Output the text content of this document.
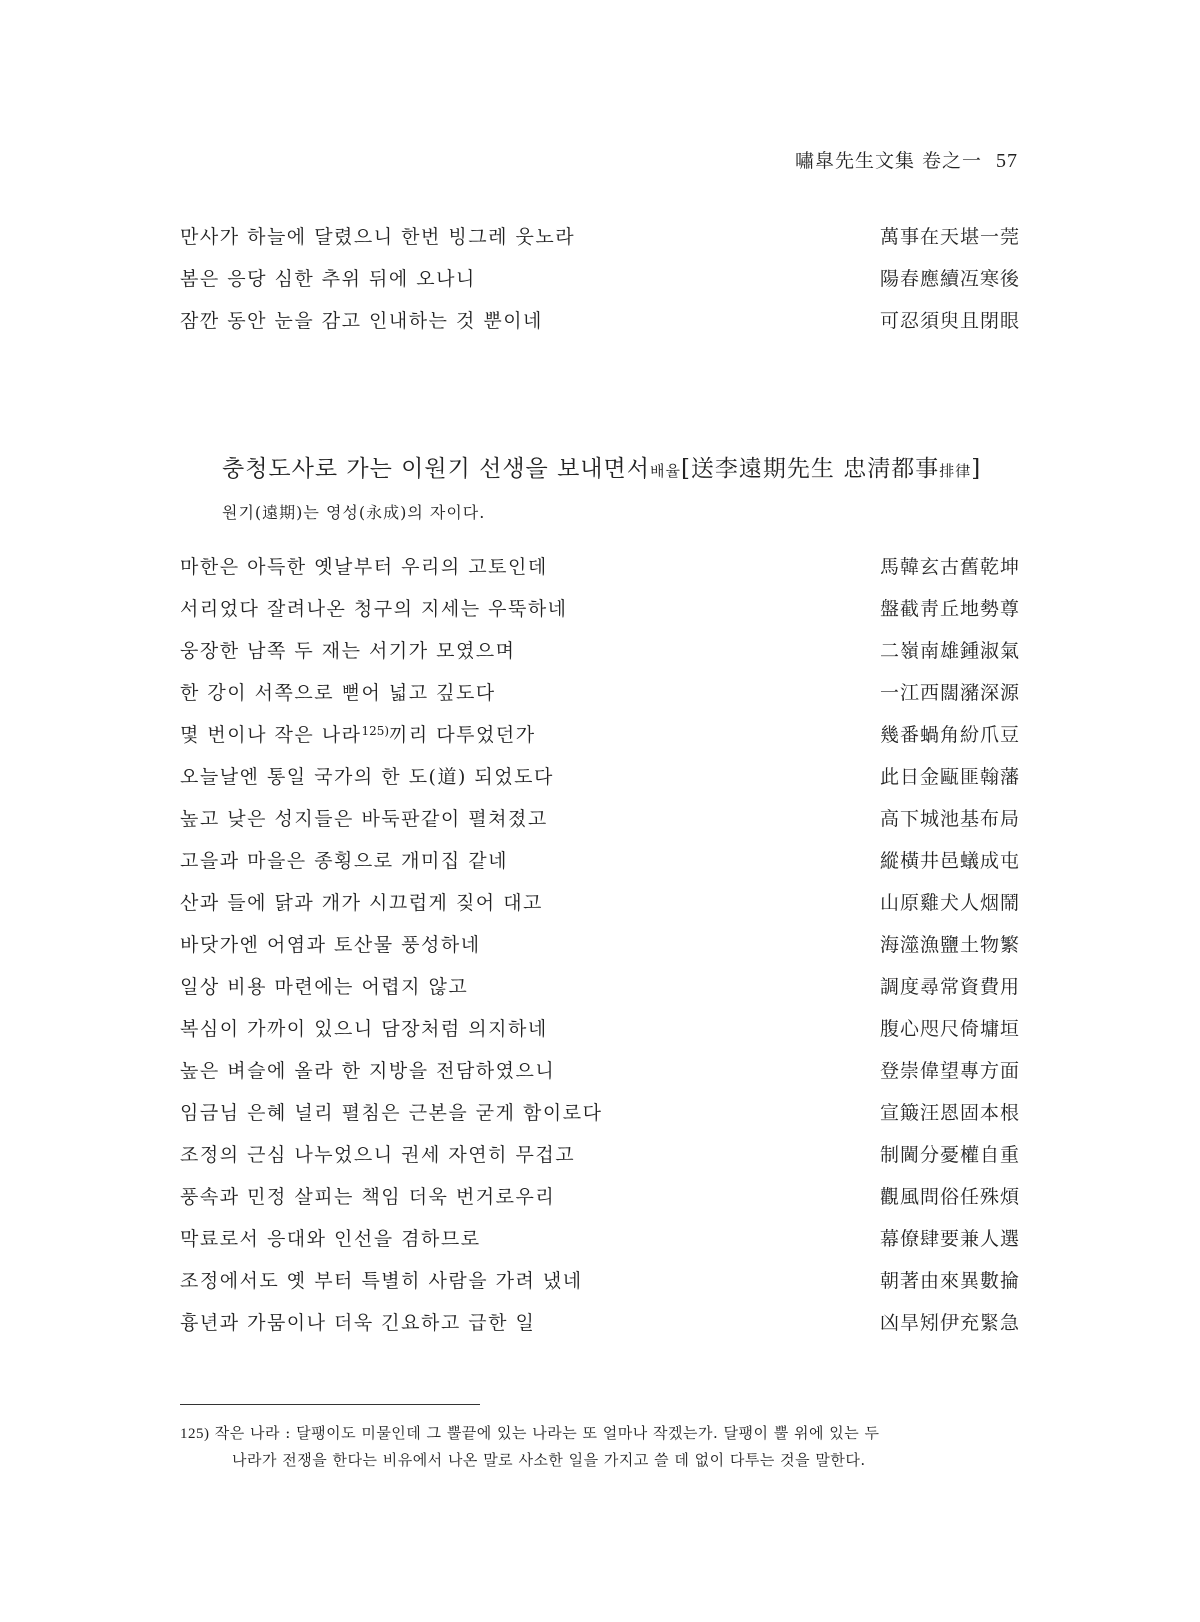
嘯皐先生文集 卷之一 57
만사가 하늘에 달렸으니 한번 빙그레 웃노라	萬事在天堪一莞
봄은 응당 심한 추위 뒤에 오나니	陽春應續冱寒後
잠깐 동안 눈을 감고 인내하는 것 뿐이네	可忍須臾且閉眼
충청도사로 가는 이원기 선생을 보내면서배율[送李遠期先生 忠淸都事排律]
원기(遠期)는 영성(永成)의 자이다.
마한은 아득한 옛날부터 우리의 고토인데	馬韓玄古舊乾坤
서리었다 잘려나온 청구의 지세는 우뚝하네	盤截靑丘地勢尊
웅장한 남쪽 두 재는 서기가 모였으며	二嶺南雄鍾淑氣
한 강이 서쪽으로 뻗어 넓고 깊도다	一江西闊瀦深源
몇 번이나 작은 나라$^{125)}$끼리 다투었던가	幾番蝸角紛爪豆
오늘날엔 통일 국가의 한 도(道) 되었도다	此日金甌匪翰藩
높고 낮은 성지들은 바둑판같이 펼쳐졌고	高下城池基布局
고을과 마을은 종횡으로 개미집 같네	縱橫井邑蟻成屯
산과 들에 닭과 개가 시끄럽게 짖어 대고	山原雞犬人烟鬧
바닷가엔 어염과 토산물 풍성하네	海澨漁鹽土物繁
일상 비용 마련에는 어렵지 않고	調度尋常資費用
복심이 가까이 있으니 담장처럼 의지하네	腹心咫尺倚墉垣
높은 벼슬에 올라 한 지방을 전담하였으니	登崇偉望專方面
임금님 은혜 널리 펼침은 근본을 굳게 함이로다	宣簸汪恩固本根
조정의 근심 나누었으니 권세 자연히 무겁고	制閫分憂權自重
풍속과 민정 살피는 책임 더욱 번거로우리	觀風問俗任殊煩
막료로서 응대와 인선을 겸하므로	幕僚肆要兼人選
조정에서도 옛 부터 특별히 사람을 가려 냈네	朝著由來異數掄
흉년과 가뭄이나 더욱 긴요하고 급한 일	凶旱矧伊充緊急
125) 작은 나라 : 달팽이도 미물인데 그 뿔끝에 있는 나라는 또 얼마나 작겠는가. 달팽이 뿔 위에 있는 두
나라가 전쟁을 한다는 비유에서 나온 말로 사소한 일을 가지고 쓸 데 없이 다투는 것을 말한다.
